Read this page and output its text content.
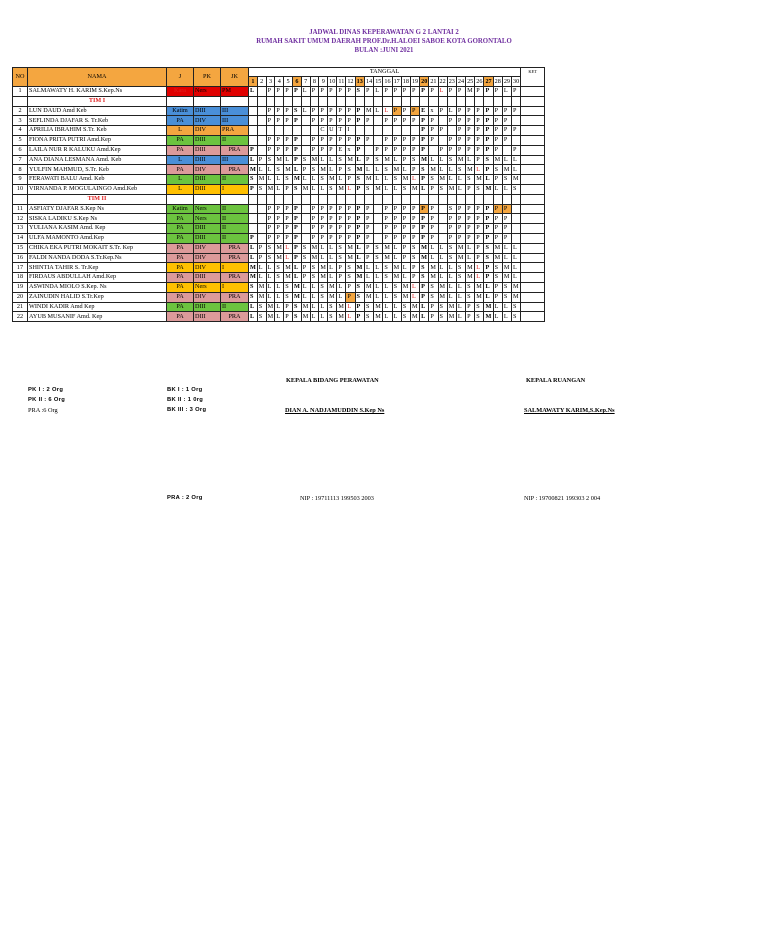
JADWAL DINAS KEPERAWATAN G 2 LANTAI 2
RUMAH SAKIT UMUM DAERAH PROF.Dr.H.ALOEI SABOE KOTA GORONTALO
BULAN :JUNI 2021
NO	NAMA	J	PK	JK	TANGGAL																														KET
					1	2	3	4	5	6	7	8	9	10	11	12	13	14	15	16	17	18	19	20	21	22	23	24	25	26	27	28	29	30	
1	SALMAWATY H. KARIM S.Kep.Ns	Kara	Ners	PM	L		P	P	P	P	L	P	P	P	P	P	S	P	L	P	P	P	P	P	P	L	P	P	M	P	P	P	L	P	
	TIM I																																		
2	LUN DAUD Amd Keb	Katim	DIII	III			P	P	P	S	L	P	P	P	P	P	P	M	L	L	P	P	P	E	x	P	L	P	P	P	P	P	P	P	
3	SEFLINDA DJAFAR S. Tr.Keb	PA	DIV	III			P	P	P	P		P	P	P	P	P	P	P		P	P	P	P	P	P		P	P	P	P	P	P	P		
4	APRILIA IBRAHIM S.Tr. Keb	L	DIV	PRA									C	U	T	I								P	P	P		P	P	P	P	P	P	P	
5	FIONA PRITA PUTRI Amd.Kep	PA	DIII	II			P	P	P	P		P	P	P	P	P	P	P		P	P	P	P	P	P		P	P	P	P	P	P	P		
6	LAILA NUR R KALUKU Amd.Kep	PA	DIII	PRA	P		P	P	P	P		P	P	P	E	x	P		P	P	P	P	P	P		P	P	P	P	P	P	P		P	
7	ANA DIANA LESMANA Amd. Keb	L	DIII	III	L	P	S	M	L	P	S	M	L	L	S	M	L	P	S	M	L	P	S	M	L	L	S	M	L	P	S	M	L	L	
8	YULFIN MAHMUD, S.Tr. Keb	PA	DIV	PRA	M	L	L	S	M	L	P	S	M	L	P	S	M	L	L	S	M	L	P	S	M	L	L	S	M	L	P	S	M	L	
9	FERAWATI BALU Amd. Keb	L	DIII	II	S	M	L	L	S	M	L	L	S	M	L	P	S	M	L	L	S	M	L	P	S	M	L	L	S	M	L	P	S	M	
10	VIRNANDA P. MOGULAINGO Amd.Keb	L	DIII	I	P	S	M	L	P	S	M	L	L	S	M	L	P	S	M	L	L	S	M	L	P	S	M	L	P	S	M	L	L	S	
	TIM II																																		
11	ASFIATY DJAFAR S.Kep Ns	Katim	Ners	II			P	P	P	P		P	P	P	P	P	P	P		P	P	P	P	P	P		S	P	P	P	P	P	P		
12	SISKA LADIKU S.Kep Ns	PA	Ners	II			P	P	P	P		P	P	P	P	P	P	P		P	P	P	P	P	P		P	P	P	P	P	P	P		
13	YULIANA KASIM Amd. Kep	PA	DIII	II			P	P	P	P		P	P	P	P	P	P	P		P	P	P	P	P	P		P	P	P	P	P	P	P		
14	ULFA MAMONTO Amd.Kep	PA	DIII	II	P		P	P	P	P		P	P	P	P	P	P	P		P	P	P	P	P	P		P	P	P	P	P	P	P		
15	CHIKA EKA PUTRI MOKAIT S.Tr. Kep	PA	DIV	PRA	L	P	S	M	L	P	S	M	L	L	S	M	L	P	S	M	L	P	S	M	L	L	S	M	L	P	S	M	L	L	
16	FALDI NANDA DODA S.Tr.Kep.Ns	PA	DIV	PRA	L	P	S	M	L	P	S	M	L	L	S	M	L	P	S	M	L	P	S	M	L	L	S	M	L	P	S	M	L	L	
17	SHINTIA TAHIR S. Tr.Kep	PA	DIV	I	M	L	L	S	M	L	P	S	M	L	P	S	M	L	L	S	M	L	P	S	M	L	L	S	M	L	P	S	M	L	
18	FIRDAUS ABDULLAH Amd.Kep	PA	DIII	PRA	M	L	L	S	M	L	P	S	M	L	P	S	M	L	L	S	M	L	P	S	M	L	L	S	M	L	P	S	M	L	
19	ASWINDA MIOLO S.Kep. Ns	PA	Ners	I	S	M	L	L	S	M	L	L	S	M	L	P	S	M	L	L	S	M	L	P	S	M	L	L	S	M	L	P	S	M	
20	ZAINUDIN HALID S.Tr.Kep	PA	DIV	PRA	S	M	L	L	S	M	L	L	S	M	L	P	S	M	L	L	S	M	L	P	S	M	L	L	S	M	L	P	S	M	
21	WINDI KADIR Amd Kep	PA	DIII	II	L	S	M	L	P	S	M	L	L	S	M	L	P	S	M	L	L	S	M	L	P	S	M	L	P	S	M	L	L	S	
22	AYUB MUSANIF Amd. Kep	PA	DIII	PRA	L	S	M	L	P	S	M	L	L	S	M	L	P	S	M	L	L	S	M	L	P	S	M	L	P	S	M	L	L	S	
KEPALA BIDANG PERAWATAN	KEPALA RUANGAN
PK I : 2 Org
PK II : 6 Org
PRA :6 Org
BK I : 1 Org
BK II : 1 0rg
BK III : 3 Org	DIAN A. NADJAMUDDIN S.Kep Ns	SALMAWATY KARIM,S.Kep.Ns
PRA : 2 Org	NIP : 19711113 199503 2003	NIP : 19700821 199303 2 004
